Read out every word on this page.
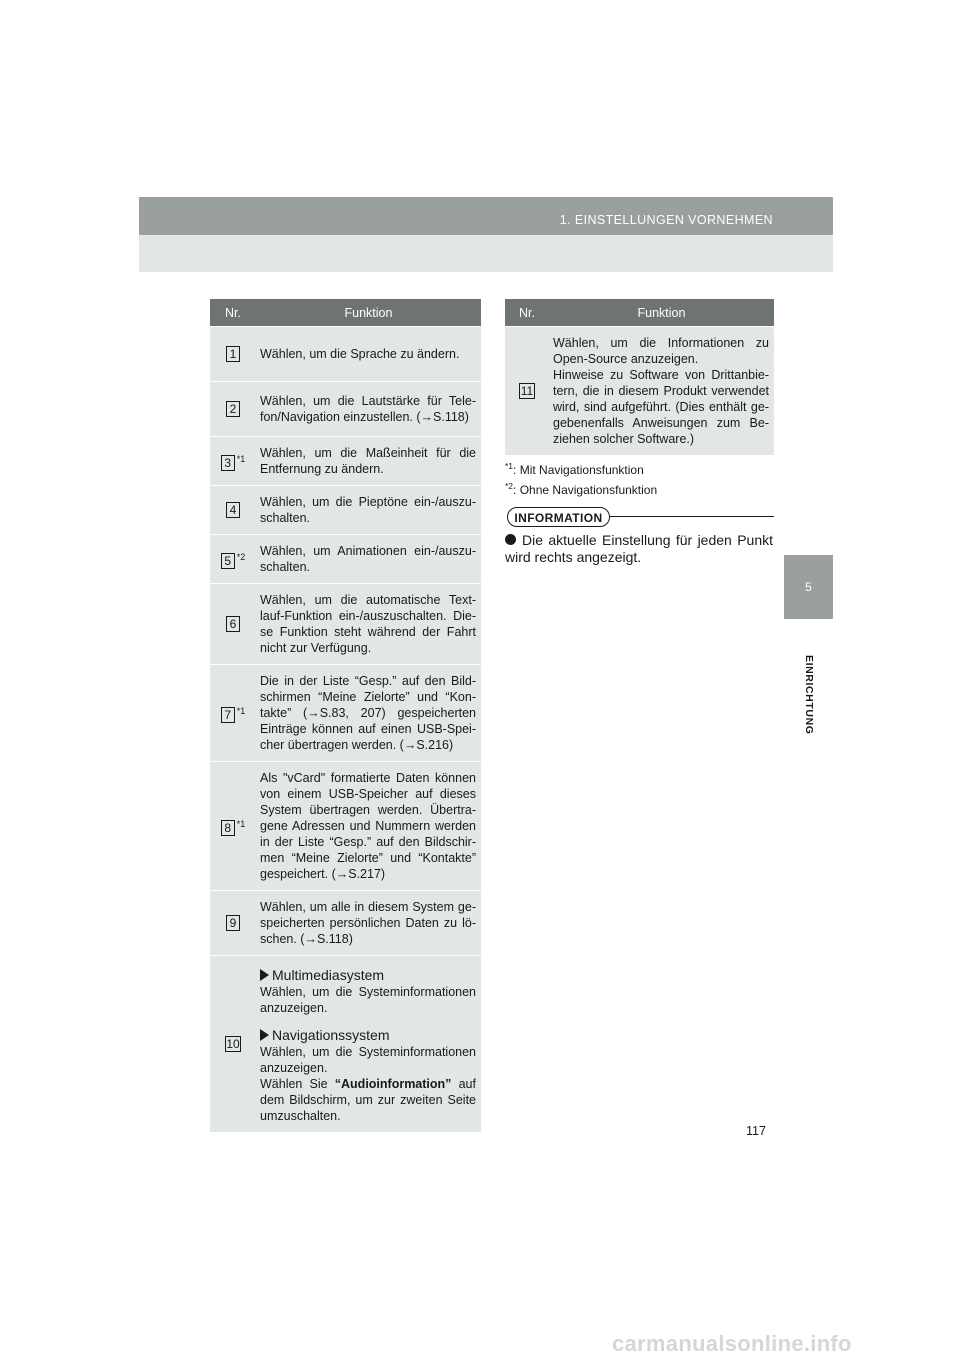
1. EINSTELLUNGEN VORNEHMEN
5
EINRICHTUNG
Nr.	Funktion
1	Wählen, um die Sprache zu ändern.
2	Wählen, um die Lautstärke für Tele-fon/Navigation einzustellen. (→S.118)
3 $^{*1}$	Wählen, um die Maßeinheit für die Entfernung zu ändern.
4	Wählen, um die Pieptöne ein-/auszu-schalten.
5 $^{*2}$	Wählen, um Animationen ein-/auszu-schalten.
6	Wählen, um die automatische Text-lauf-Funktion ein-/auszuschalten. Die-se Funktion steht während der Fahrt nicht zur Verfügung.
7 $^{*1}$	Die in der Liste “Gesp.” auf den Bild-schirmen “Meine Zielorte” und “Kon-takte” (→S.83, 207) gespeicherten Einträge können auf einen USB-Spei-cher übertragen werden. (→S.216)
8 $^{*1}$	Als "vCard" formatierte Daten können von einem USB-Speicher auf dieses System übertragen werden. Übertra-gene Adressen und Nummern werden in der Liste “Gesp.” auf den Bildschir-men “Meine Zielorte” und “Kontakte” gespeichert. (→S.217)
9	Wählen, um alle in diesem System ge-speicherten persönlichen Daten zu lö-schen. (→S.118)
10	Multimediasystem
Wählen, um die Systeminformationen anzuzeigen.
Navigationssystem
Wählen, um die Systeminformationen anzuzeigen.
Wählen Sie “Audioinformation” auf dem Bildschirm, um zur zweiten Seite umzuschalten.
Nr.	Funktion
11	Wählen, um die Informationen zu Open-Source anzuzeigen.
Hinweise zu Software von Drittanbie-tern, die in diesem Produkt verwendet wird, sind aufgeführt. (Dies enthält ge-gebenenfalls Anweisungen zum Be-ziehen solcher Software.)
$^{*1}$: Mit Navigationsfunktion
$^{*2}$: Ohne Navigationsfunktion
INFORMATION
Die aktuelle Einstellung für jeden Punkt wird rechts angezeigt.
117
carmanualsonline.info
